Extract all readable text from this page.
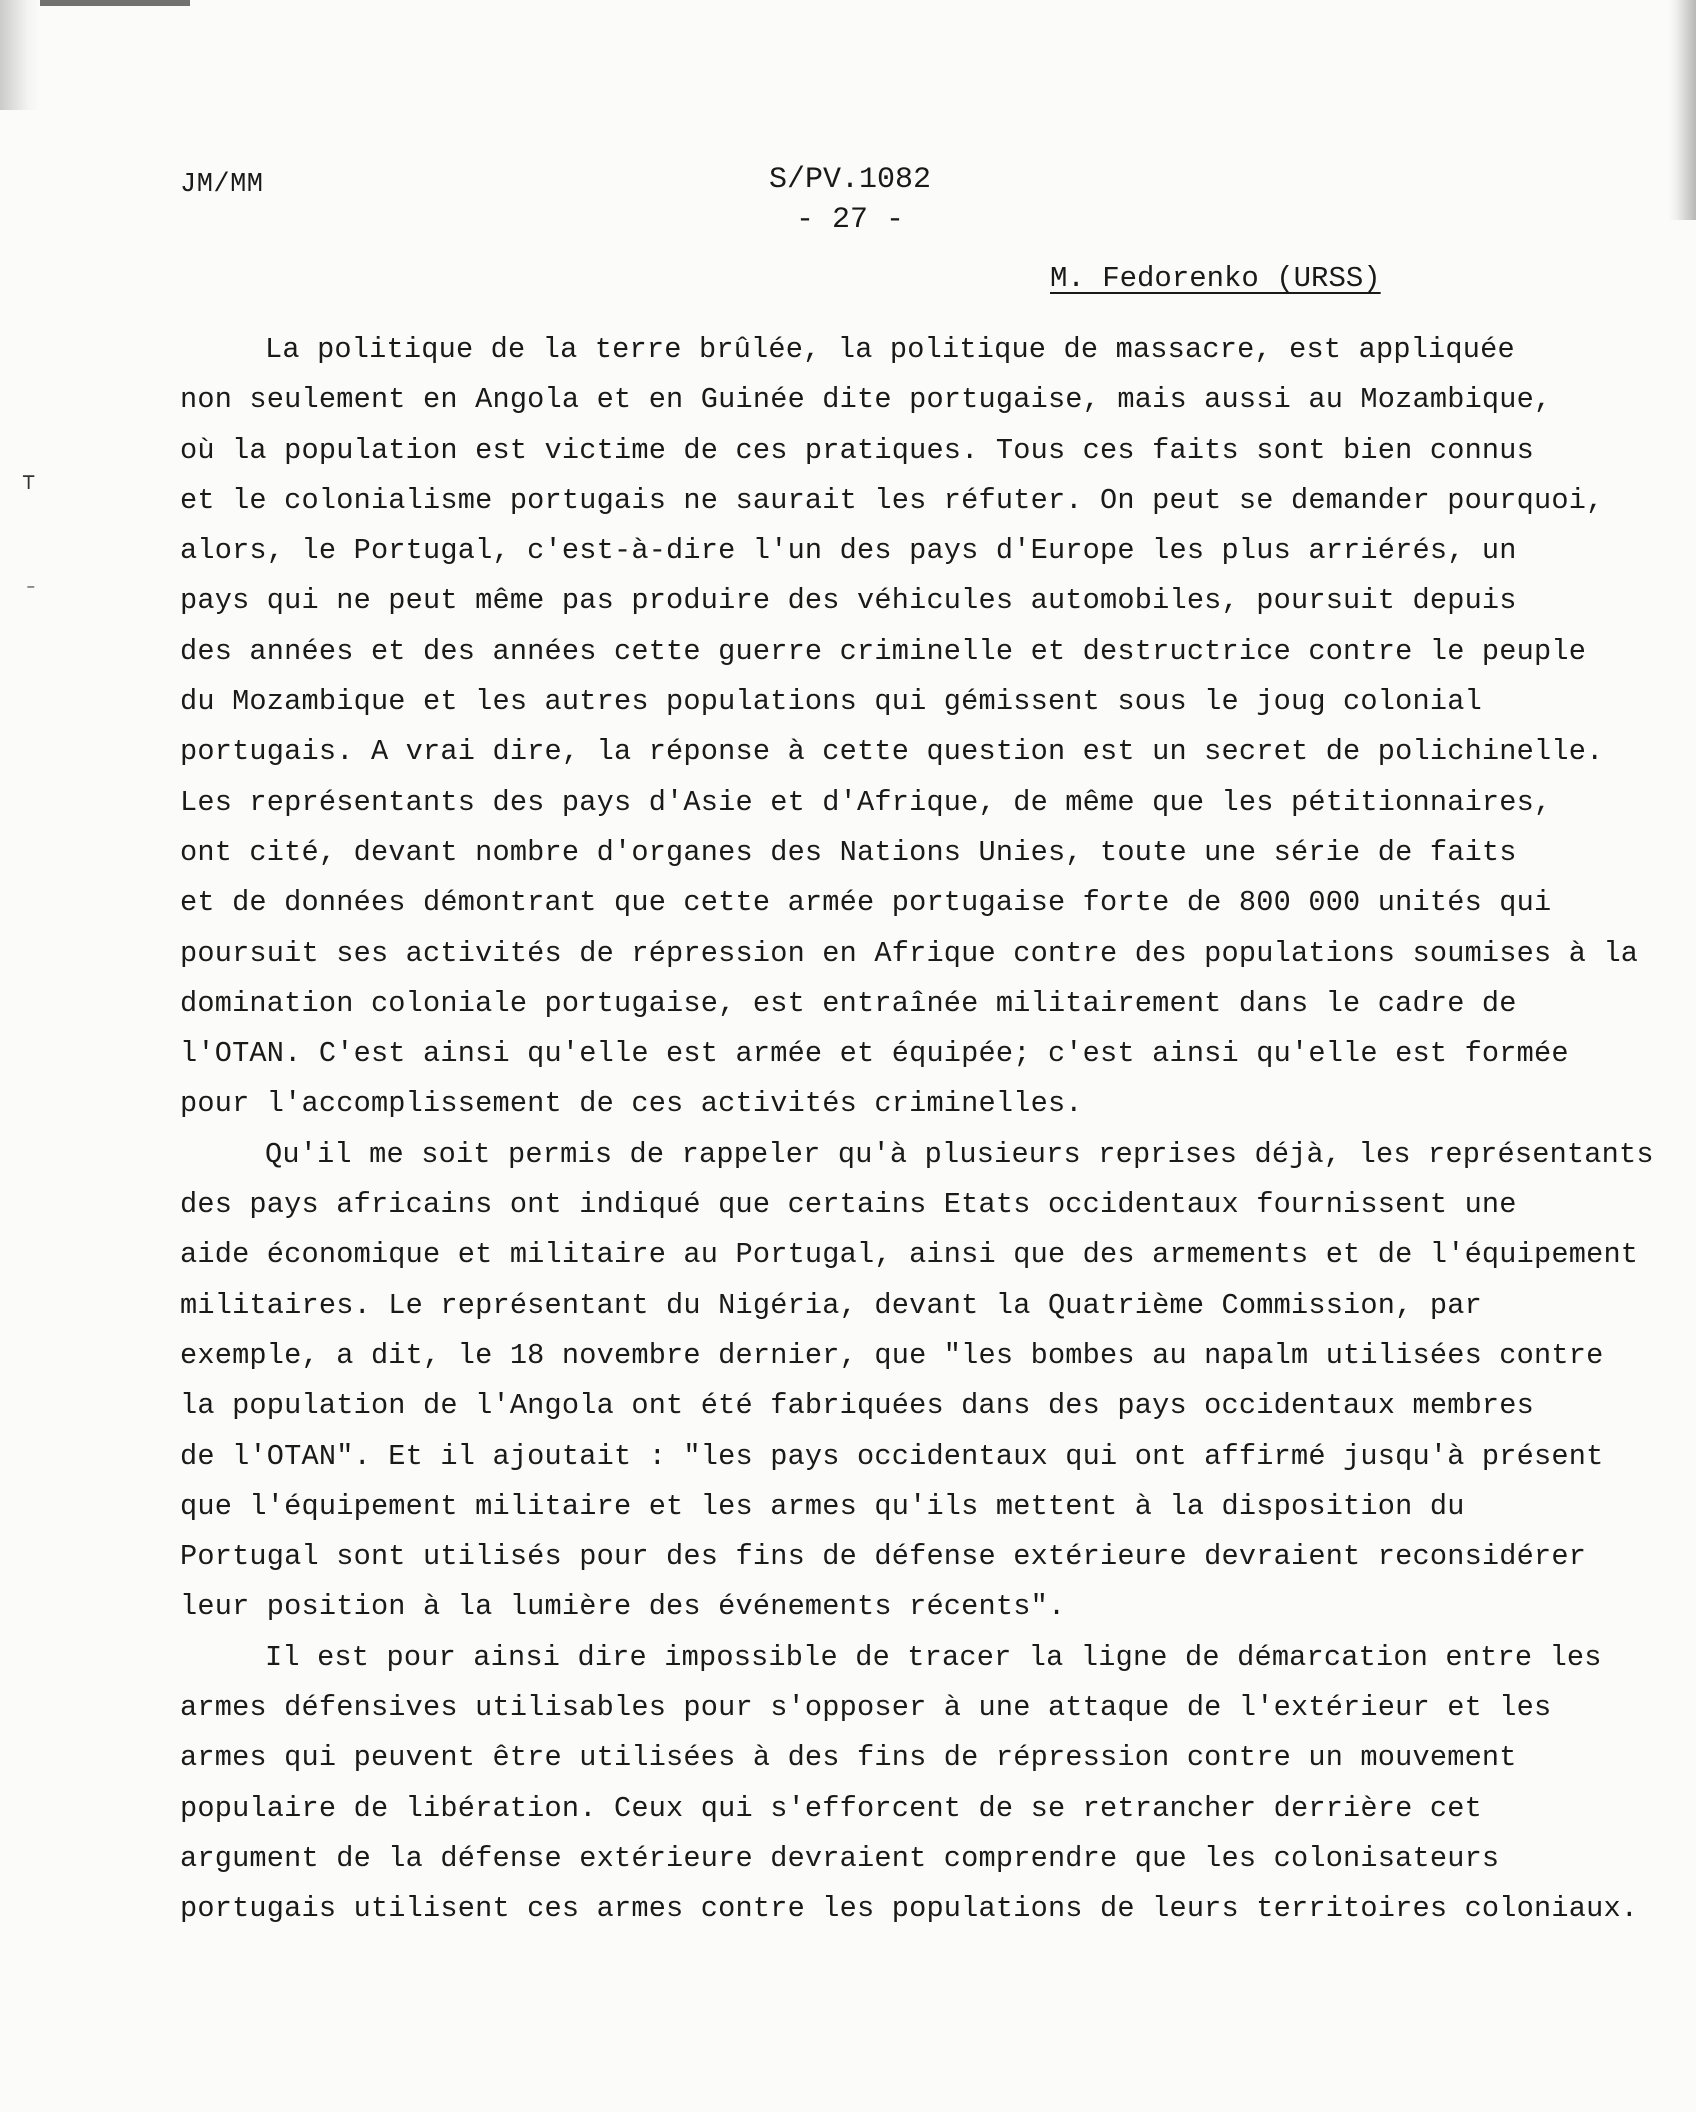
⊤
–
JM/MM	S/PV.1082
- 27 -
M. Fedorenko (URSS)
La politique de la terre brûlée, la politique de massacre, est appliquée
non seulement en Angola et en Guinée dite portugaise, mais aussi au Mozambique,
où la population est victime de ces pratiques. Tous ces faits sont bien connus
et le colonialisme portugais ne saurait les réfuter. On peut se demander pourquoi,
alors, le Portugal, c'est-à-dire l'un des pays d'Europe les plus arriérés, un
pays qui ne peut même pas produire des véhicules automobiles, poursuit depuis
des années et des années cette guerre criminelle et destructrice contre le peuple
du Mozambique et les autres populations qui gémissent sous le joug colonial
portugais. A vrai dire, la réponse à cette question est un secret de polichinelle.
Les représentants des pays d'Asie et d'Afrique, de même que les pétitionnaires,
ont cité, devant nombre d'organes des Nations Unies, toute une série de faits
et de données démontrant que cette armée portugaise forte de 800 000 unités qui
poursuit ses activités de répression en Afrique contre des populations soumises à la
domination coloniale portugaise, est entraînée militairement dans le cadre de
l'OTAN. C'est ainsi qu'elle est armée et équipée; c'est ainsi qu'elle est formée
pour l'accomplissement de ces activités criminelles.
Qu'il me soit permis de rappeler qu'à plusieurs reprises déjà, les représentants
des pays africains ont indiqué que certains Etats occidentaux fournissent une
aide économique et militaire au Portugal, ainsi que des armements et de l'équipement
militaires. Le représentant du Nigéria, devant la Quatrième Commission, par
exemple, a dit, le 18 novembre dernier, que "les bombes au napalm utilisées contre
la population de l'Angola ont été fabriquées dans des pays occidentaux membres
de l'OTAN". Et il ajoutait : "les pays occidentaux qui ont affirmé jusqu'à présent
que l'équipement militaire et les armes qu'ils mettent à la disposition du
Portugal sont utilisés pour des fins de défense extérieure devraient reconsidérer
leur position à la lumière des événements récents".
Il est pour ainsi dire impossible de tracer la ligne de démarcation entre les
armes défensives utilisables pour s'opposer à une attaque de l'extérieur et les
armes qui peuvent être utilisées à des fins de répression contre un mouvement
populaire de libération. Ceux qui s'efforcent de se retrancher derrière cet
argument de la défense extérieure devraient comprendre que les colonisateurs
portugais utilisent ces armes contre les populations de leurs territoires coloniaux.
